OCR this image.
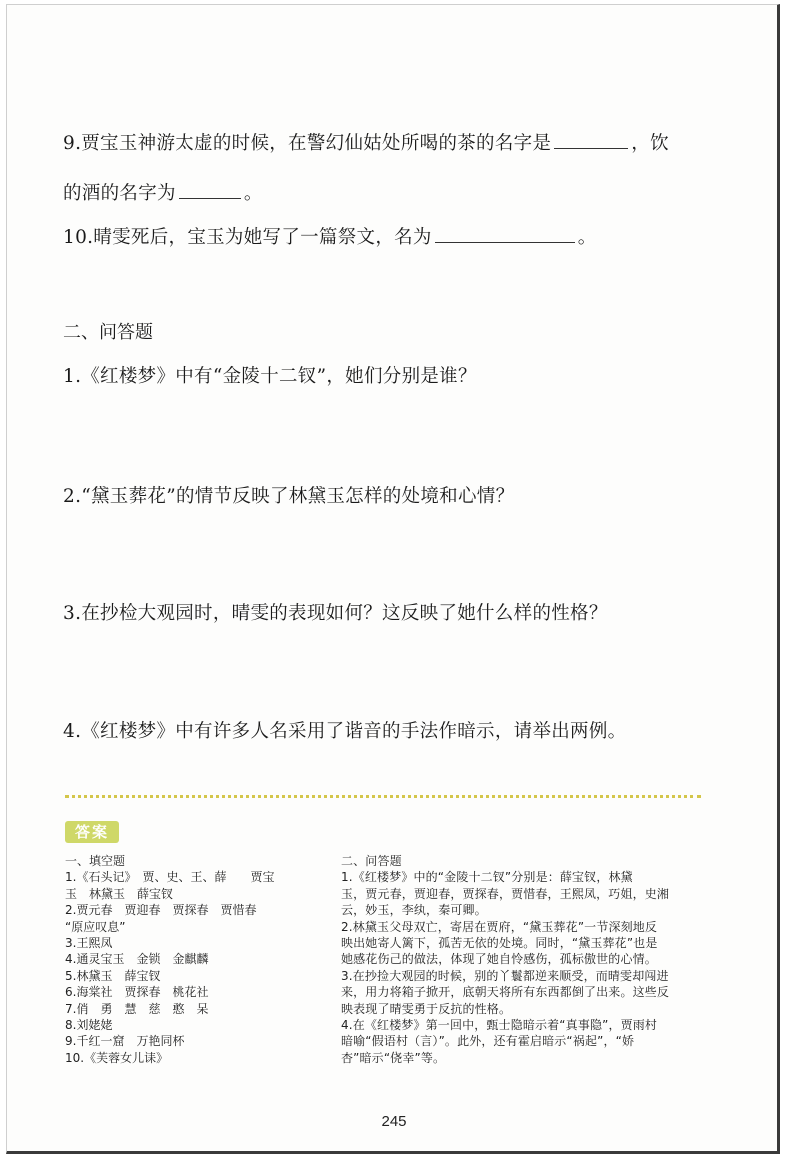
9.贾宝玉神游太虚的时候，在警幻仙姑处所喝的茶的名字是	，饮
的酒的名字为	。
10.晴雯死后，宝玉为她写了一篇祭文，名为	。
二、问答题
1.《红楼梦》中有“金陵十二钗”，她们分别是谁？
2.“黛玉葬花”的情节反映了林黛玉怎样的处境和心情？
3.在抄检大观园时，晴雯的表现如何？这反映了她什么样的性格？
4.《红楼梦》中有许多人名采用了谐音的手法作暗示，请举出两例。
答案
一、填空题
1.《石头记》　贾、史、王、薛　　贾宝
玉　林黛玉　薛宝钗
2.贾元春　贾迎春　贾探春　贾惜春
“原应叹息”
3.王熙凤
4.通灵宝玉　金锁　金麒麟
5.林黛玉　薛宝钗
6.海棠社　贾探春　桃花社
7.俏　勇　慧　慈　憨　呆
8.刘姥姥
9.千红一窟　万艳同杯
10.《芙蓉女儿诔》
二、问答题
1.《红楼梦》中的“金陵十二钗”分别是：薛宝钗，林黛
玉，贾元春，贾迎春，贾探春，贾惜春，王熙凤，巧姐，史湘
云，妙玉，李纨，秦可卿。
2.林黛玉父母双亡，寄居在贾府，“黛玉葬花”一节深刻地反
映出她寄人篱下，孤苦无依的处境。同时，“黛玉葬花”也是
她感花伤己的做法，体现了她自怜感伤，孤标傲世的心情。
3.在抄捡大观园的时候，别的丫鬟都逆来顺受，而晴雯却闯进
来，用力将箱子掀开，底朝天将所有东西都倒了出来。这些反
映表现了晴雯勇于反抗的性格。
4.在《红楼梦》第一回中，甄士隐暗示着“真事隐”，贾雨村
暗喻“假语村（言）”。此外，还有霍启暗示“祸起”，“娇
杏”暗示“侥幸”等。
245
